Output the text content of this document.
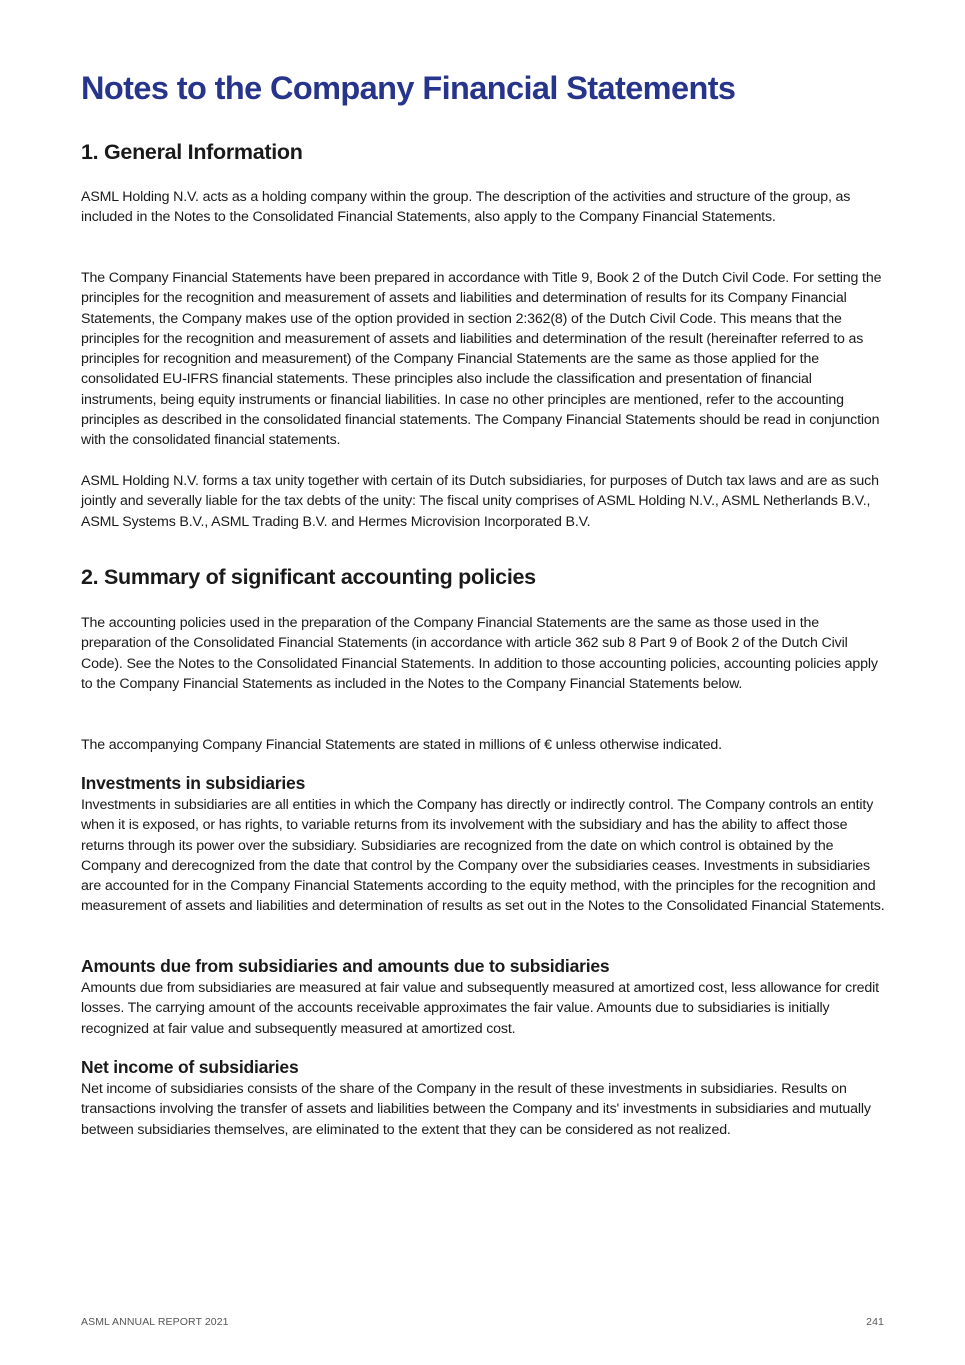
Notes to the Company Financial Statements
1. General Information

ASML Holding N.V. acts as a holding company within the group. The description of the activities and structure of the group, as included in the Notes to the Consolidated Financial Statements, also apply to the Company Financial Statements.

The Company Financial Statements have been prepared in accordance with Title 9, Book 2 of the Dutch Civil Code. For setting the principles for the recognition and measurement of assets and liabilities and determination of results for its Company Financial Statements, the Company makes use of the option provided in section 2:362(8) of the Dutch Civil Code. This means that the principles for the recognition and measurement of assets and liabilities and determination of the result (hereinafter referred to as principles for recognition and measurement) of the Company Financial Statements are the same as those applied for the consolidated EU-IFRS financial statements. These principles also include the classification and presentation of financial instruments, being equity instruments or financial liabilities. In case no other principles are mentioned, refer to the accounting principles as described in the consolidated financial statements. The Company Financial Statements should be read in conjunction with the consolidated financial statements.

ASML Holding N.V. forms a tax unity together with certain of its Dutch subsidiaries, for purposes of Dutch tax laws and are as such jointly and severally liable for the tax debts of the unity: The fiscal unity comprises of ASML Holding N.V., ASML Netherlands B.V., ASML Systems B.V., ASML Trading B.V. and Hermes Microvision Incorporated B.V.

2. Summary of significant accounting policies

The accounting policies used in the preparation of the Company Financial Statements are the same as those used in the preparation of the Consolidated Financial Statements (in accordance with article 362 sub 8 Part 9 of Book 2 of the Dutch Civil Code). See the Notes to the Consolidated Financial Statements. In addition to those accounting policies, accounting policies apply to the Company Financial Statements as included in the Notes to the Company Financial Statements below.

The accompanying Company Financial Statements are stated in millions of € unless otherwise indicated.

Investments in subsidiaries

Investments in subsidiaries are all entities in which the Company has directly or indirectly control. The Company controls an entity when it is exposed, or has rights, to variable returns from its involvement with the subsidiary and has the ability to affect those returns through its power over the subsidiary. Subsidiaries are recognized from the date on which control is obtained by the Company and derecognized from the date that control by the Company over the subsidiaries ceases. Investments in subsidiaries are accounted for in the Company Financial Statements according to the equity method, with the principles for the recognition and measurement of assets and liabilities and determination of results as set out in the Notes to the Consolidated Financial Statements.

Amounts due from subsidiaries and amounts due to subsidiaries

Amounts due from subsidiaries are measured at fair value and subsequently measured at amortized cost, less allowance for credit losses. The carrying amount of the accounts receivable approximates the fair value. Amounts due to subsidiaries is initially recognized at fair value and subsequently measured at amortized cost.

Net income of subsidiaries

Net income of subsidiaries consists of the share of the Company in the result of these investments in subsidiaries. Results on transactions involving the transfer of assets and liabilities between the Company and its' investments in subsidiaries and mutually between subsidiaries themselves, are eliminated to the extent that they can be considered as not realized.

ASML ANNUAL REPORT 2021	241
